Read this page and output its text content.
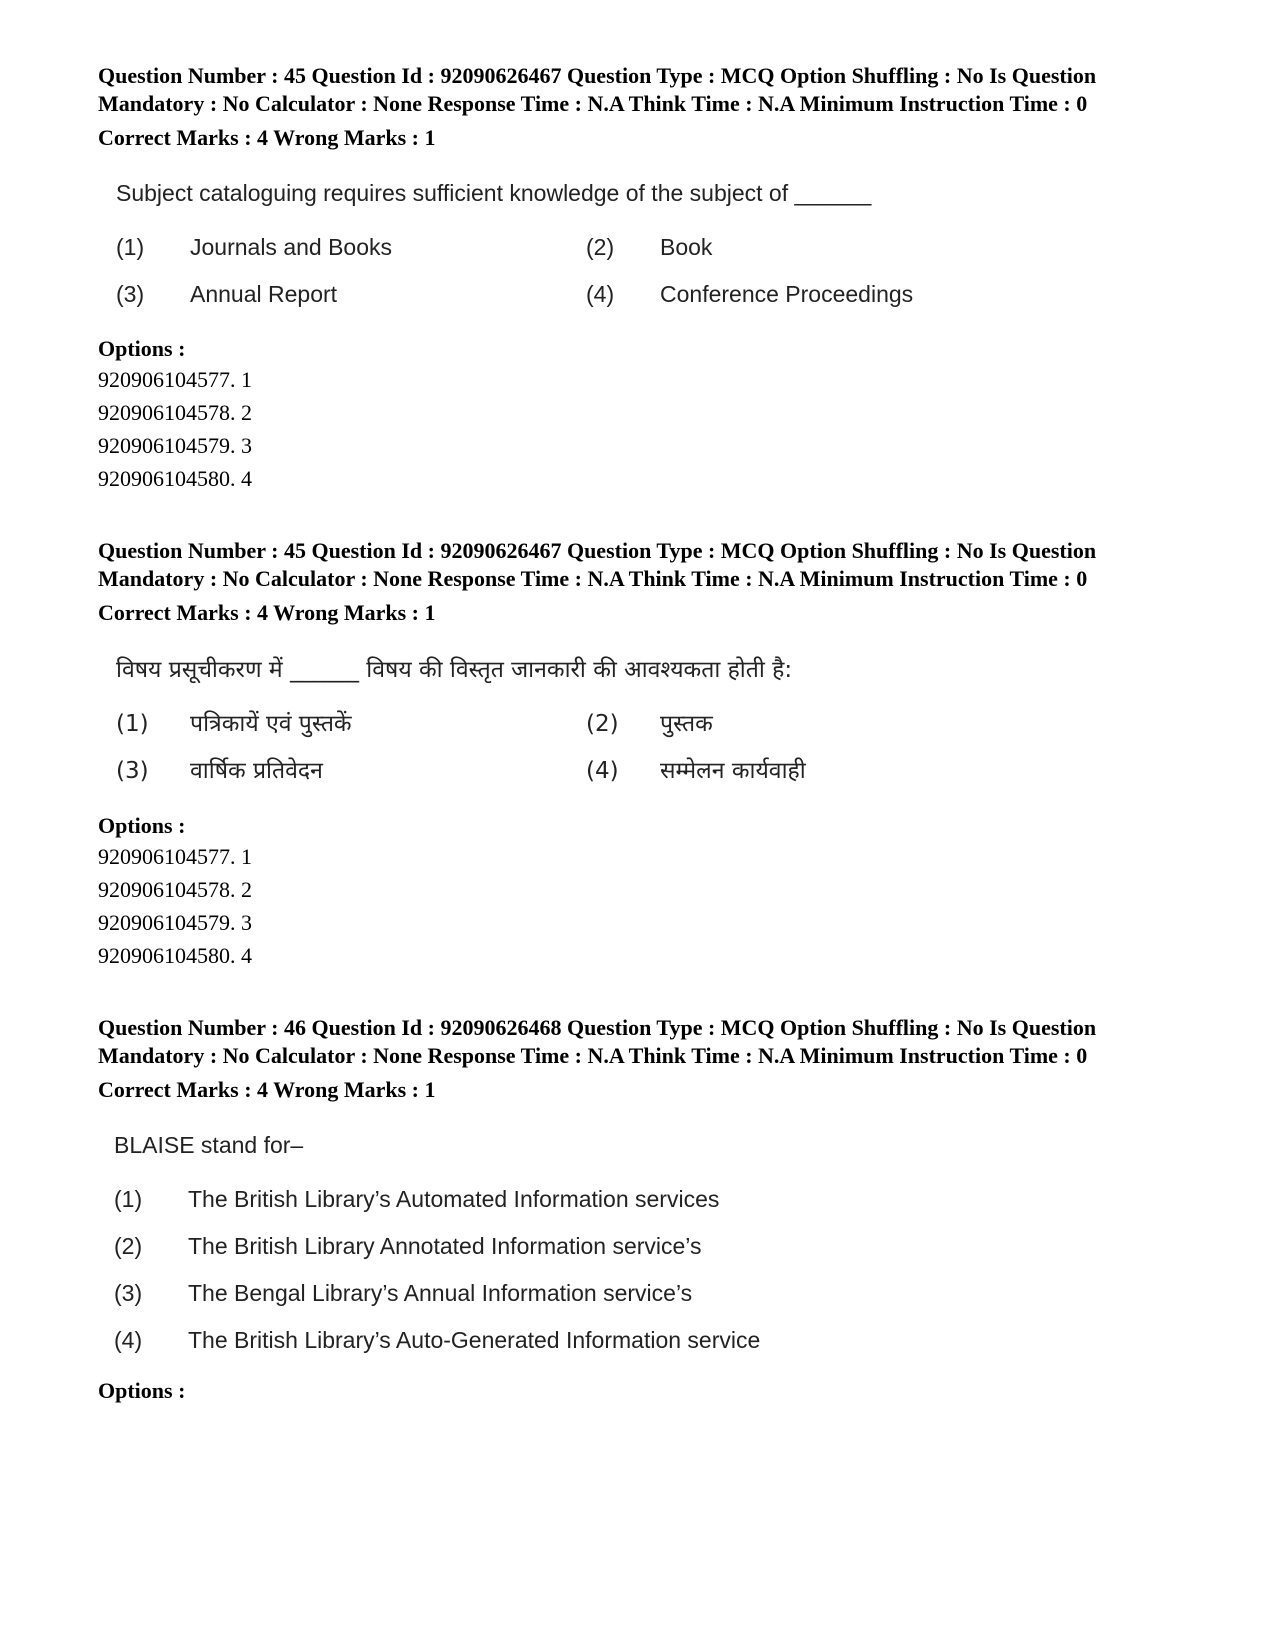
Question Number : 45 Question Id : 92090626467 Question Type : MCQ Option Shuffling : No Is Question Mandatory : No Calculator : None Response Time : N.A Think Time : N.A Minimum Instruction Time : 0

Correct Marks : 4 Wrong Marks : 1
Subject cataloguing requires sufficient knowledge of the subject of ______
(1)	Journals and Books	(2)	Book
(3)	Annual Report	(4)	Conference Proceedings
Options :
920906104577. 1
920906104578. 2
920906104579. 3
920906104580. 4

Question Number : 45 Question Id : 92090626467 Question Type : MCQ Option Shuffling : No Is Question Mandatory : No Calculator : None Response Time : N.A Think Time : N.A Minimum Instruction Time : 0

Correct Marks : 4 Wrong Marks : 1
विषय प्रसूचीकरण में ______ विषय की विस्तृत जानकारी की आवश्यकता होती है:
(1)	पत्रिकायें एवं पुस्तकें	(2)	पुस्तक
(3)	वार्षिक प्रतिवेदन	(4)	सम्मेलन कार्यवाही
Options :
920906104577. 1
920906104578. 2
920906104579. 3
920906104580. 4

Question Number : 46 Question Id : 92090626468 Question Type : MCQ Option Shuffling : No Is Question Mandatory : No Calculator : None Response Time : N.A Think Time : N.A Minimum Instruction Time : 0

Correct Marks : 4 Wrong Marks : 1
BLAISE stand for–
(1)	The British Library’s Automated Information services
(2)	The British Library Annotated Information service’s
(3)	The Bengal Library’s Annual Information service’s
(4)	The British Library’s Auto-Generated Information service
Options :
